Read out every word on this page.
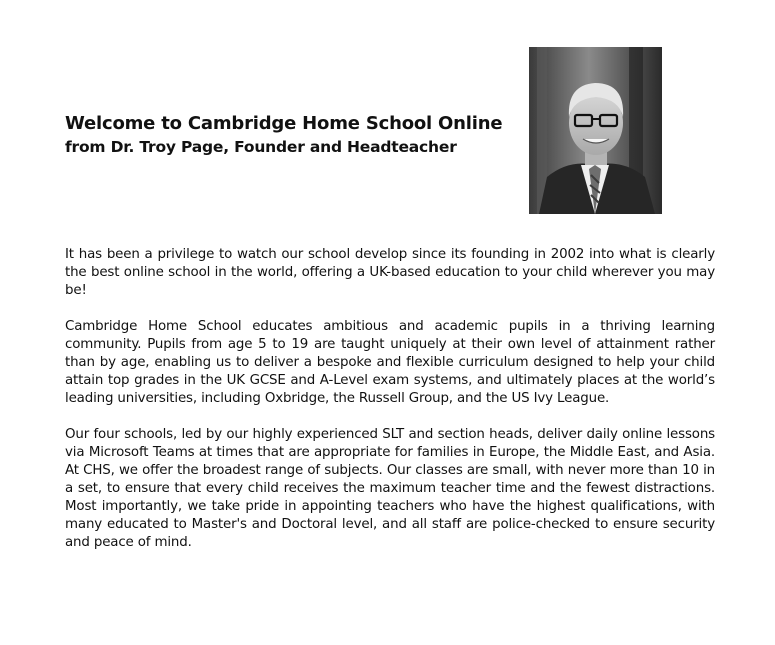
Welcome to Cambridge Home School Online
from Dr. Troy Page, Founder and Headteacher

It has been a privilege to watch our school develop since its founding in 2002 into what is clearly the best online school in the world, offering a UK-based education to your child wherever you may be!

Cambridge Home School educates ambitious and academic pupils in a thriving learning community. Pupils from age 5 to 19 are taught uniquely at their own level of attainment rather than by age, enabling us to deliver a bespoke and flexible curriculum designed to help your child attain top grades in the UK GCSE and A-Level exam systems, and ultimately places at the world’s leading universities, including Oxbridge, the Russell Group, and the US Ivy League.

Our four schools, led by our highly experienced SLT and section heads, deliver daily online lessons via Microsoft Teams at times that are appropriate for families in Europe, the Middle East, and Asia. At CHS, we offer the broadest range of subjects. Our classes are small, with never more than 10 in a set, to ensure that every child receives the maximum teacher time and the fewest distractions. Most importantly, we take pride in appointing teachers who have the highest qualifications, with many educated to Master's and Doctoral level, and all staff are police-checked to ensure security and peace of mind.
